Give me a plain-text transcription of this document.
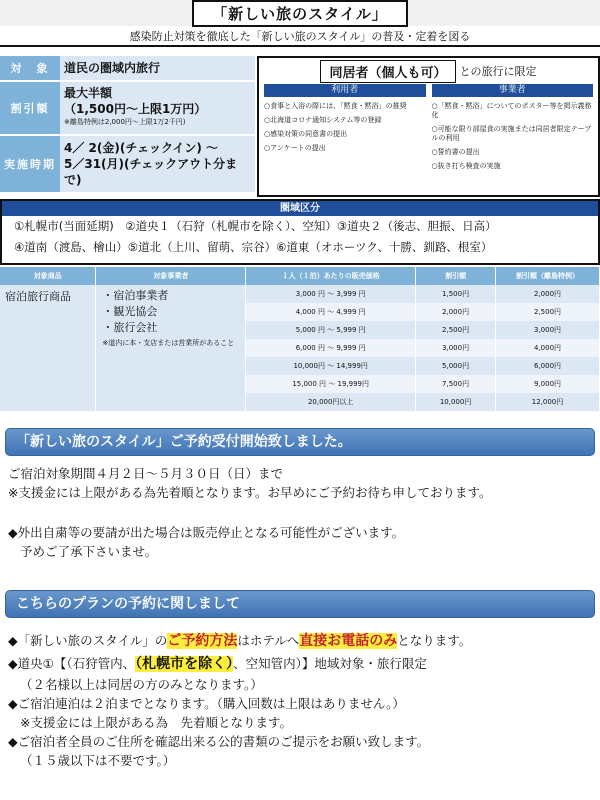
「新しい旅のスタイル」
感染防止対策を徹底した「新しい旅のスタイル」の普及・定着を図る
対　象	道民の圏域内旅行
割引額
最大半額
（1,500円～上限1万円）
※離島特例は2,000円～上限1万2千円)
実施時期
4／ 2(金)(チェックイン) ～
5／31(月)(チェックアウト分まで)
同居者（個人も可）	との旅行に限定
利用者
○食事と入浴の際には、「黙食・黙浴」の推奨
○北海道コロナ通知システム等の登録
○感染対策の同意書の提出
○アンケートの提出
事業者
○「黙食・黙浴」についてのポスター等を掲示義務化
○可能な限り部屋食の実施または同居者限定テーブルの利用
○誓約書の提出
○抜き打ち検査の実施
圏域区分
①札幌市(当面延期)　②道央１（石狩（札幌市を除く）、空知）③道央２（後志、胆振、日高）
④道南（渡島、檜山）⑤道北（上川、留萌、宗谷）⑥道東（オホーツク、十勝、釧路、根室）
対象商品	対象事業者	１人（１泊）あたりの販売価格	割引額	割引額（離島特例）
宿泊旅行商品	・宿泊事業者
・観光協会
・旅行会社
※道内に本・支店または営業所があること	3,000 円 ～ 3,999 円	1,500円	2,000円
		4,000 円 ～ 4,999 円	2,000円	2,500円
		5,000 円 ～ 5,999 円	2,500円	3,000円
		6,000 円 ～ 9,999 円	3,000円	4,000円
		10,000円 ～ 14,999円	5,000円	6,000円
		15,000 円 ～ 19,999円	7,500円	9,000円
		20,000円以上	10,000円	12,000円
「新しい旅のスタイル」ご予約受付開始致しました。
ご宿泊対象期間４月２日～５月３０日（日）まで
※支援金には上限がある為先着順となります。お早めにご予約お待ち申しております。
◆外出自粛等の要請が出た場合は販売停止となる可能性がございます。
予めご了承下さいませ。
こちらのプランの予約に関しまして
◆「新しい旅のスタイル」のご予約方法はホテルへ直接お電話のみとなります。
◆道央①【（石狩管内、（札幌市を除く）、空知管内）】地域対象・旅行限定
（２名様以上は同居の方のみとなります。）
◆ご宿泊連泊は２泊までとなります。（購入回数は上限はありません。）
※支援金には上限がある為　先着順となります。
◆ご宿泊者全員のご住所を確認出来る公的書類のご提示をお願い致します。
（１５歳以下は不要です。）
